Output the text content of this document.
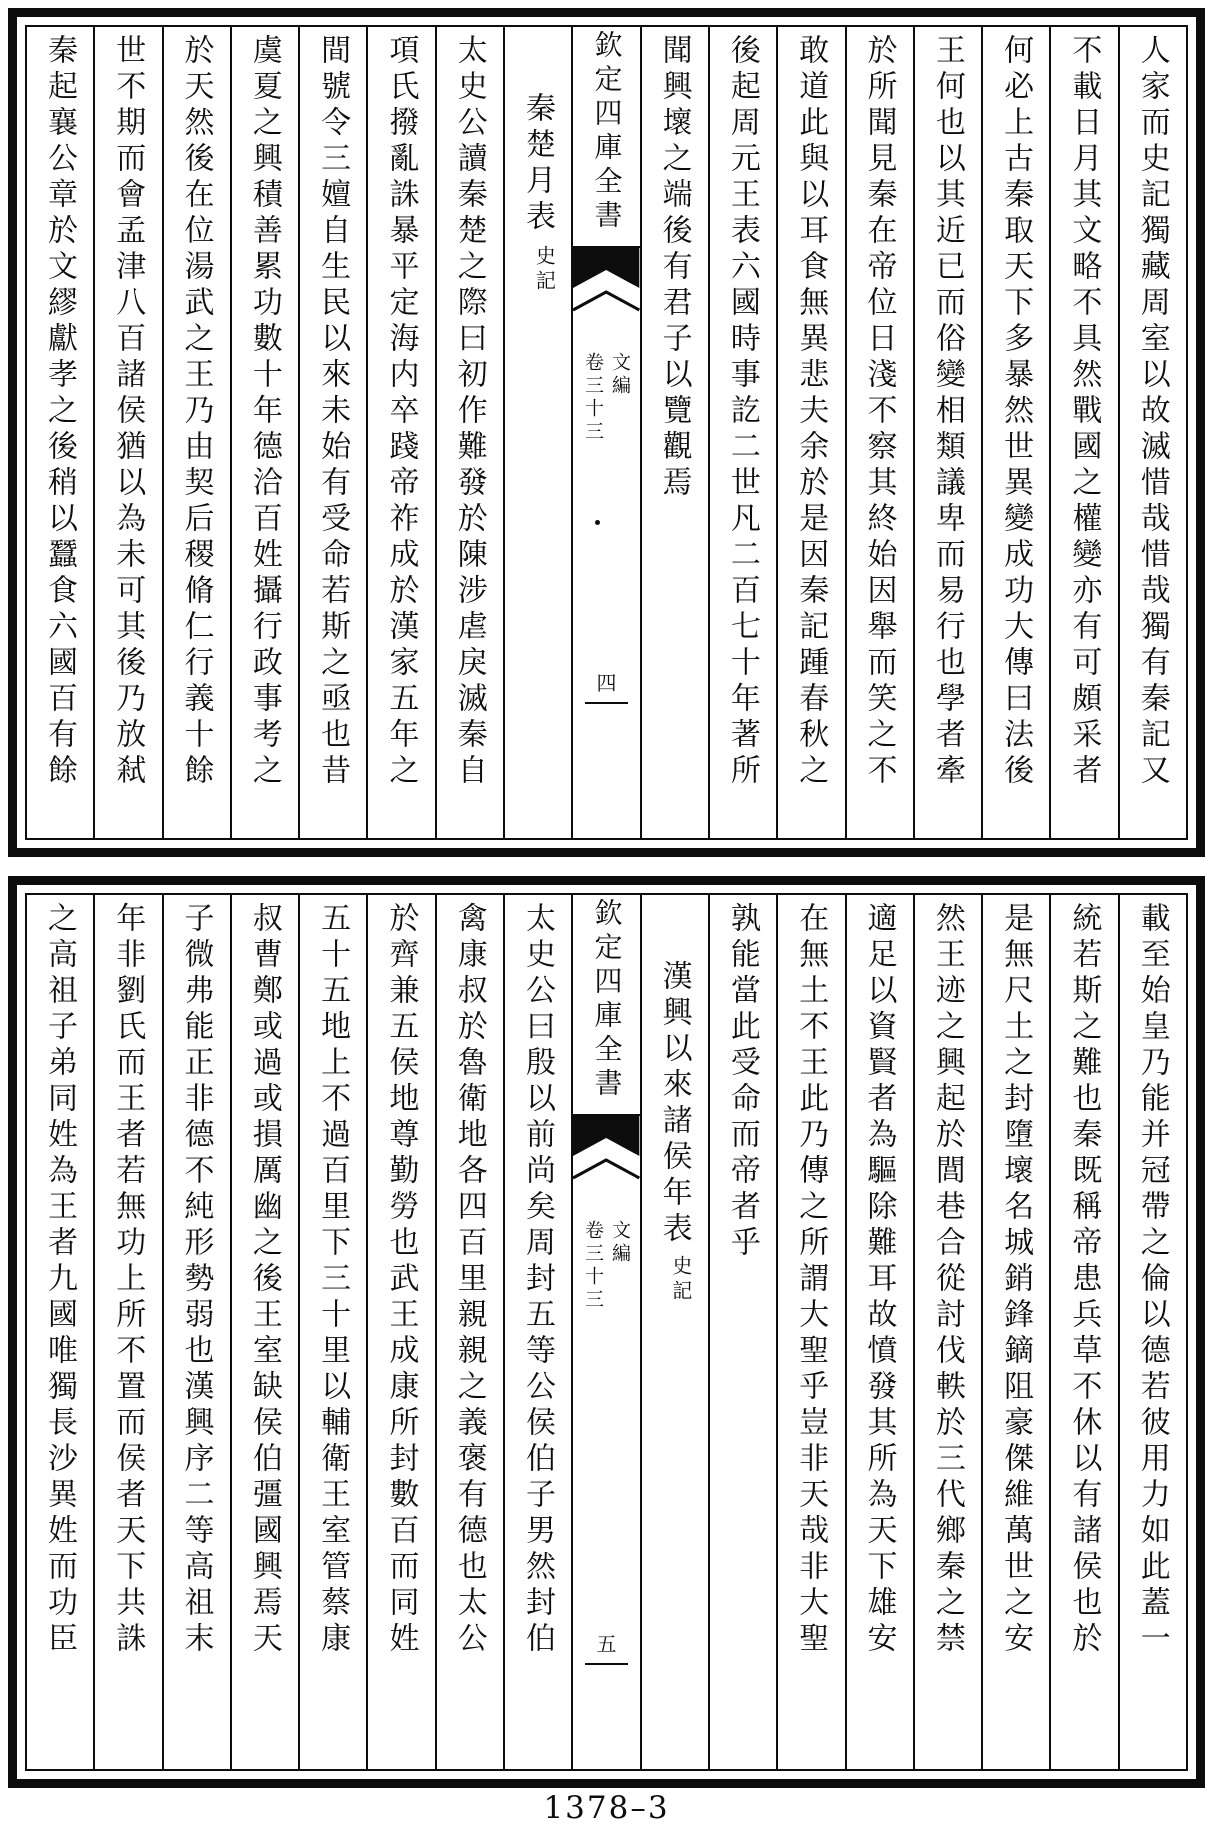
人家而史記獨藏周室以故滅惜哉惜哉獨有秦記又
不載日月其文略不具然戰國之權變亦有可頗采者
何必上古秦取天下多暴然世異變成功大傳曰法後
王何也以其近已而俗變相類議卑而易行也學者牽
於所聞見秦在帝位日淺不察其終始因舉而笑之不
敢道此與以耳食無異悲夫余於是因秦記踵春秋之
後起周元王表六國時事訖二世凡二百七十年著所
聞興壞之端後有君子以覽觀焉
欽定四庫全書
文編
卷三十三
四
秦楚月表
史記
太史公讀秦楚之際曰初作難發於陳涉虐戾滅秦自
項氏撥亂誅暴平定海内卒踐帝祚成於漢家五年之
間號令三嬗自生民以來未始有受命若斯之亟也昔
虞夏之興積善累功數十年德洽百姓攝行政事考之
於天然後在位湯武之王乃由契后稷脩仁行義十餘
世不期而會孟津八百諸侯猶以為未可其後乃放弒
秦起襄公章於文繆獻孝之後稍以蠶食六國百有餘
載至始皇乃能并冠帶之倫以德若彼用力如此蓋一
統若斯之難也秦既稱帝患兵草不休以有諸侯也於
是無尺土之封墮壞名城銷鋒鏑阻豪傑維萬世之安
然王迹之興起於閭巷合從討伐軼於三代鄉秦之禁
適足以資賢者為驅除難耳故憤發其所為天下雄安
在無土不王此乃傳之所謂大聖乎豈非天哉非大聖
孰能當此受命而帝者乎
漢興以來諸侯年表
史記
欽定四庫全書
文編
卷三十三
五
太史公曰殷以前尚矣周封五等公侯伯子男然封伯
禽康叔於魯衛地各四百里親親之義褒有德也太公
於齊兼五侯地尊勤勞也武王成康所封數百而同姓
五十五地上不過百里下三十里以輔衛王室管蔡康
叔曹鄭或過或損厲幽之後王室缺侯伯彊國興焉天
子微弗能正非德不純形勢弱也漢興序二等高祖末
年非劉氏而王者若無功上所不置而侯者天下共誅
之高祖子弟同姓為王者九國唯獨長沙異姓而功臣
1378–3
